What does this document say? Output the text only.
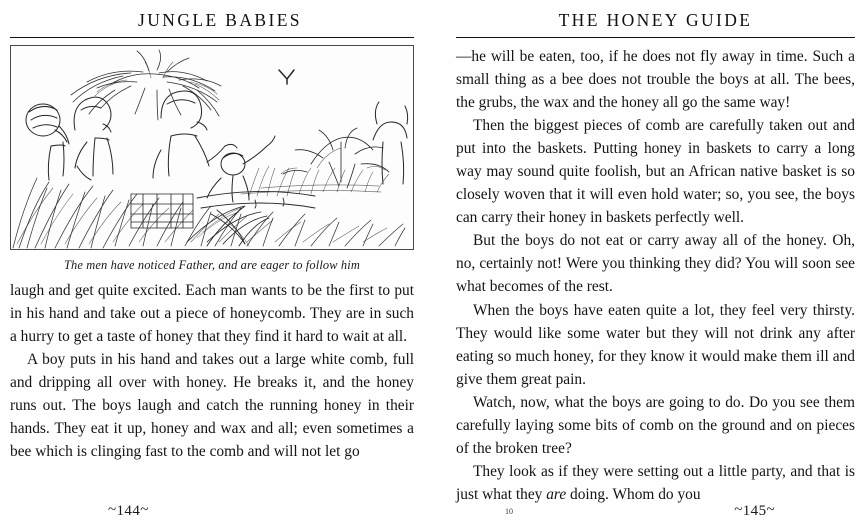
JUNGLE BABIES
The men have noticed Father, and are eager to follow him

laugh and get quite excited. Each man wants to be the first to put in his hand and take out a piece of honeycomb. They are in such a hurry to get a taste of honey that they find it hard to wait at all.

A boy puts in his hand and takes out a large white comb, full and dripping all over with honey. He breaks it, and the honey runs out. The boys laugh and catch the running honey in their hands. They eat it up, honey and wax and all; even sometimes a bee which is clinging fast to the comb and will not let go

~144~
THE HONEY GUIDE

—he will be eaten, too, if he does not fly away in time. Such a small thing as a bee does not trouble the boys at all. The bees, the grubs, the wax and the honey all go the same way!

Then the biggest pieces of comb are carefully taken out and put into the baskets. Putting honey in baskets to carry a long way may sound quite foolish, but an African native basket is so closely woven that it will even hold water; so, you see, the boys can carry their honey in baskets perfectly well.

But the boys do not eat or carry away all of the honey. Oh, no, certainly not! Were you thinking they did? You will soon see what becomes of the rest.

When the boys have eaten quite a lot, they feel very thirsty. They would like some water but they will not drink any after eating so much honey, for they know it would make them ill and give them great pain.

Watch, now, what the boys are going to do. Do you see them carefully laying some bits of comb on the ground and on pieces of the broken tree?

They look as if they were setting out a little party, and that is just what they are doing. Whom do you

~145~
10
